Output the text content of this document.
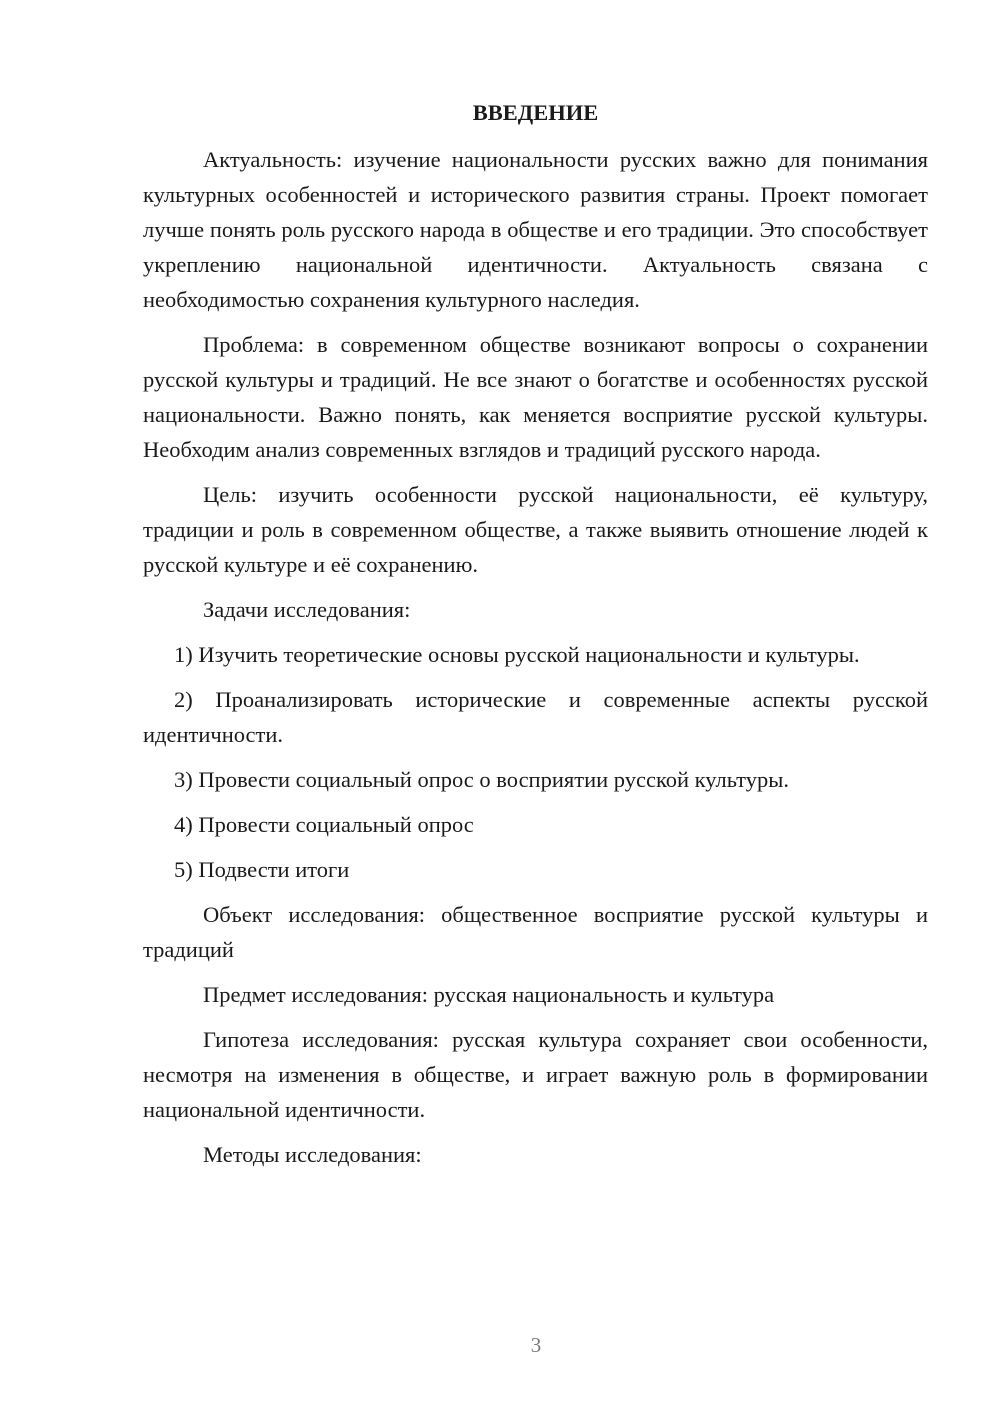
ВВЕДЕНИЕ

Актуальность: изучение национальности русских важно для понимания культурных особенностей и исторического развития страны. Проект помогает лучше понять роль русского народа в обществе и его традиции. Это способствует укреплению национальной идентичности. Актуальность связана с необходимостью сохранения культурного наследия.

Проблема: в современном обществе возникают вопросы о сохранении русской культуры и традиций. Не все знают о богатстве и особенностях русской национальности. Важно понять, как меняется восприятие русской культуры. Необходим анализ современных взглядов и традиций русского народа.

Цель: изучить особенности русской национальности, её культуру, традиции и роль в современном обществе, а также выявить отношение людей к русской культуре и её сохранению.

Задачи исследования:

1) Изучить теоретические основы русской национальности и культуры.

2) Проанализировать исторические и современные аспекты русской идентичности.

3) Провести социальный опрос о восприятии русской культуры.

4) Провести социальный опрос

5) Подвести итоги

Объект исследования: общественное восприятие русской культуры и традиций

Предмет исследования: русская национальность и культура

Гипотеза исследования: русская культура сохраняет свои особенности, несмотря на изменения в обществе, и играет важную роль в формировании национальной идентичности.

Методы исследования:

3
